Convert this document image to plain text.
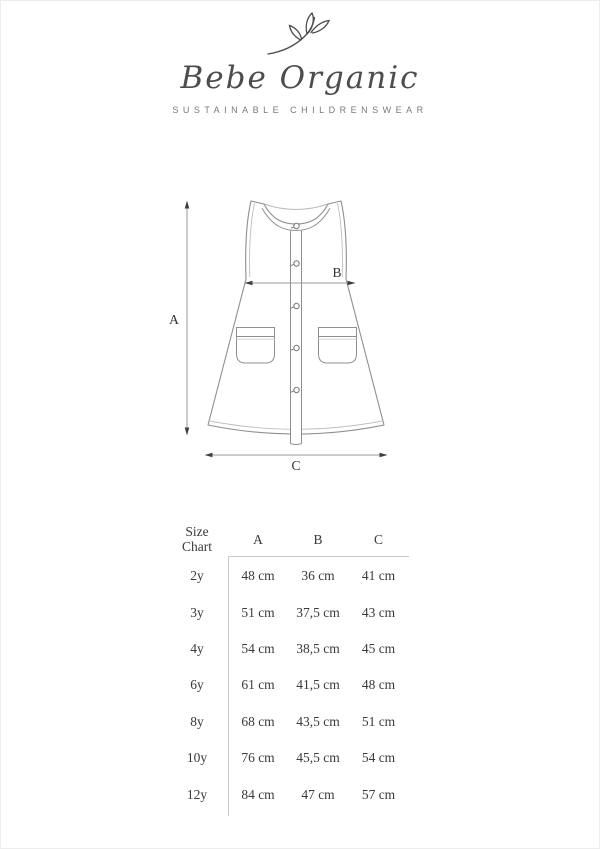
Bebe Organic
SUSTAINABLE CHILDRENSWEAR
A
B
C
Size Chart	A	B	C
2y	48 cm	36 cm	41 cm
3y	51 cm	37,5 cm	43 cm
4y	54 cm	38,5 cm	45 cm
6y	61 cm	41,5 cm	48 cm
8y	68 cm	43,5 cm	51 cm
10y	76 cm	45,5 cm	54 cm
12y	84 cm	47 cm	57 cm
